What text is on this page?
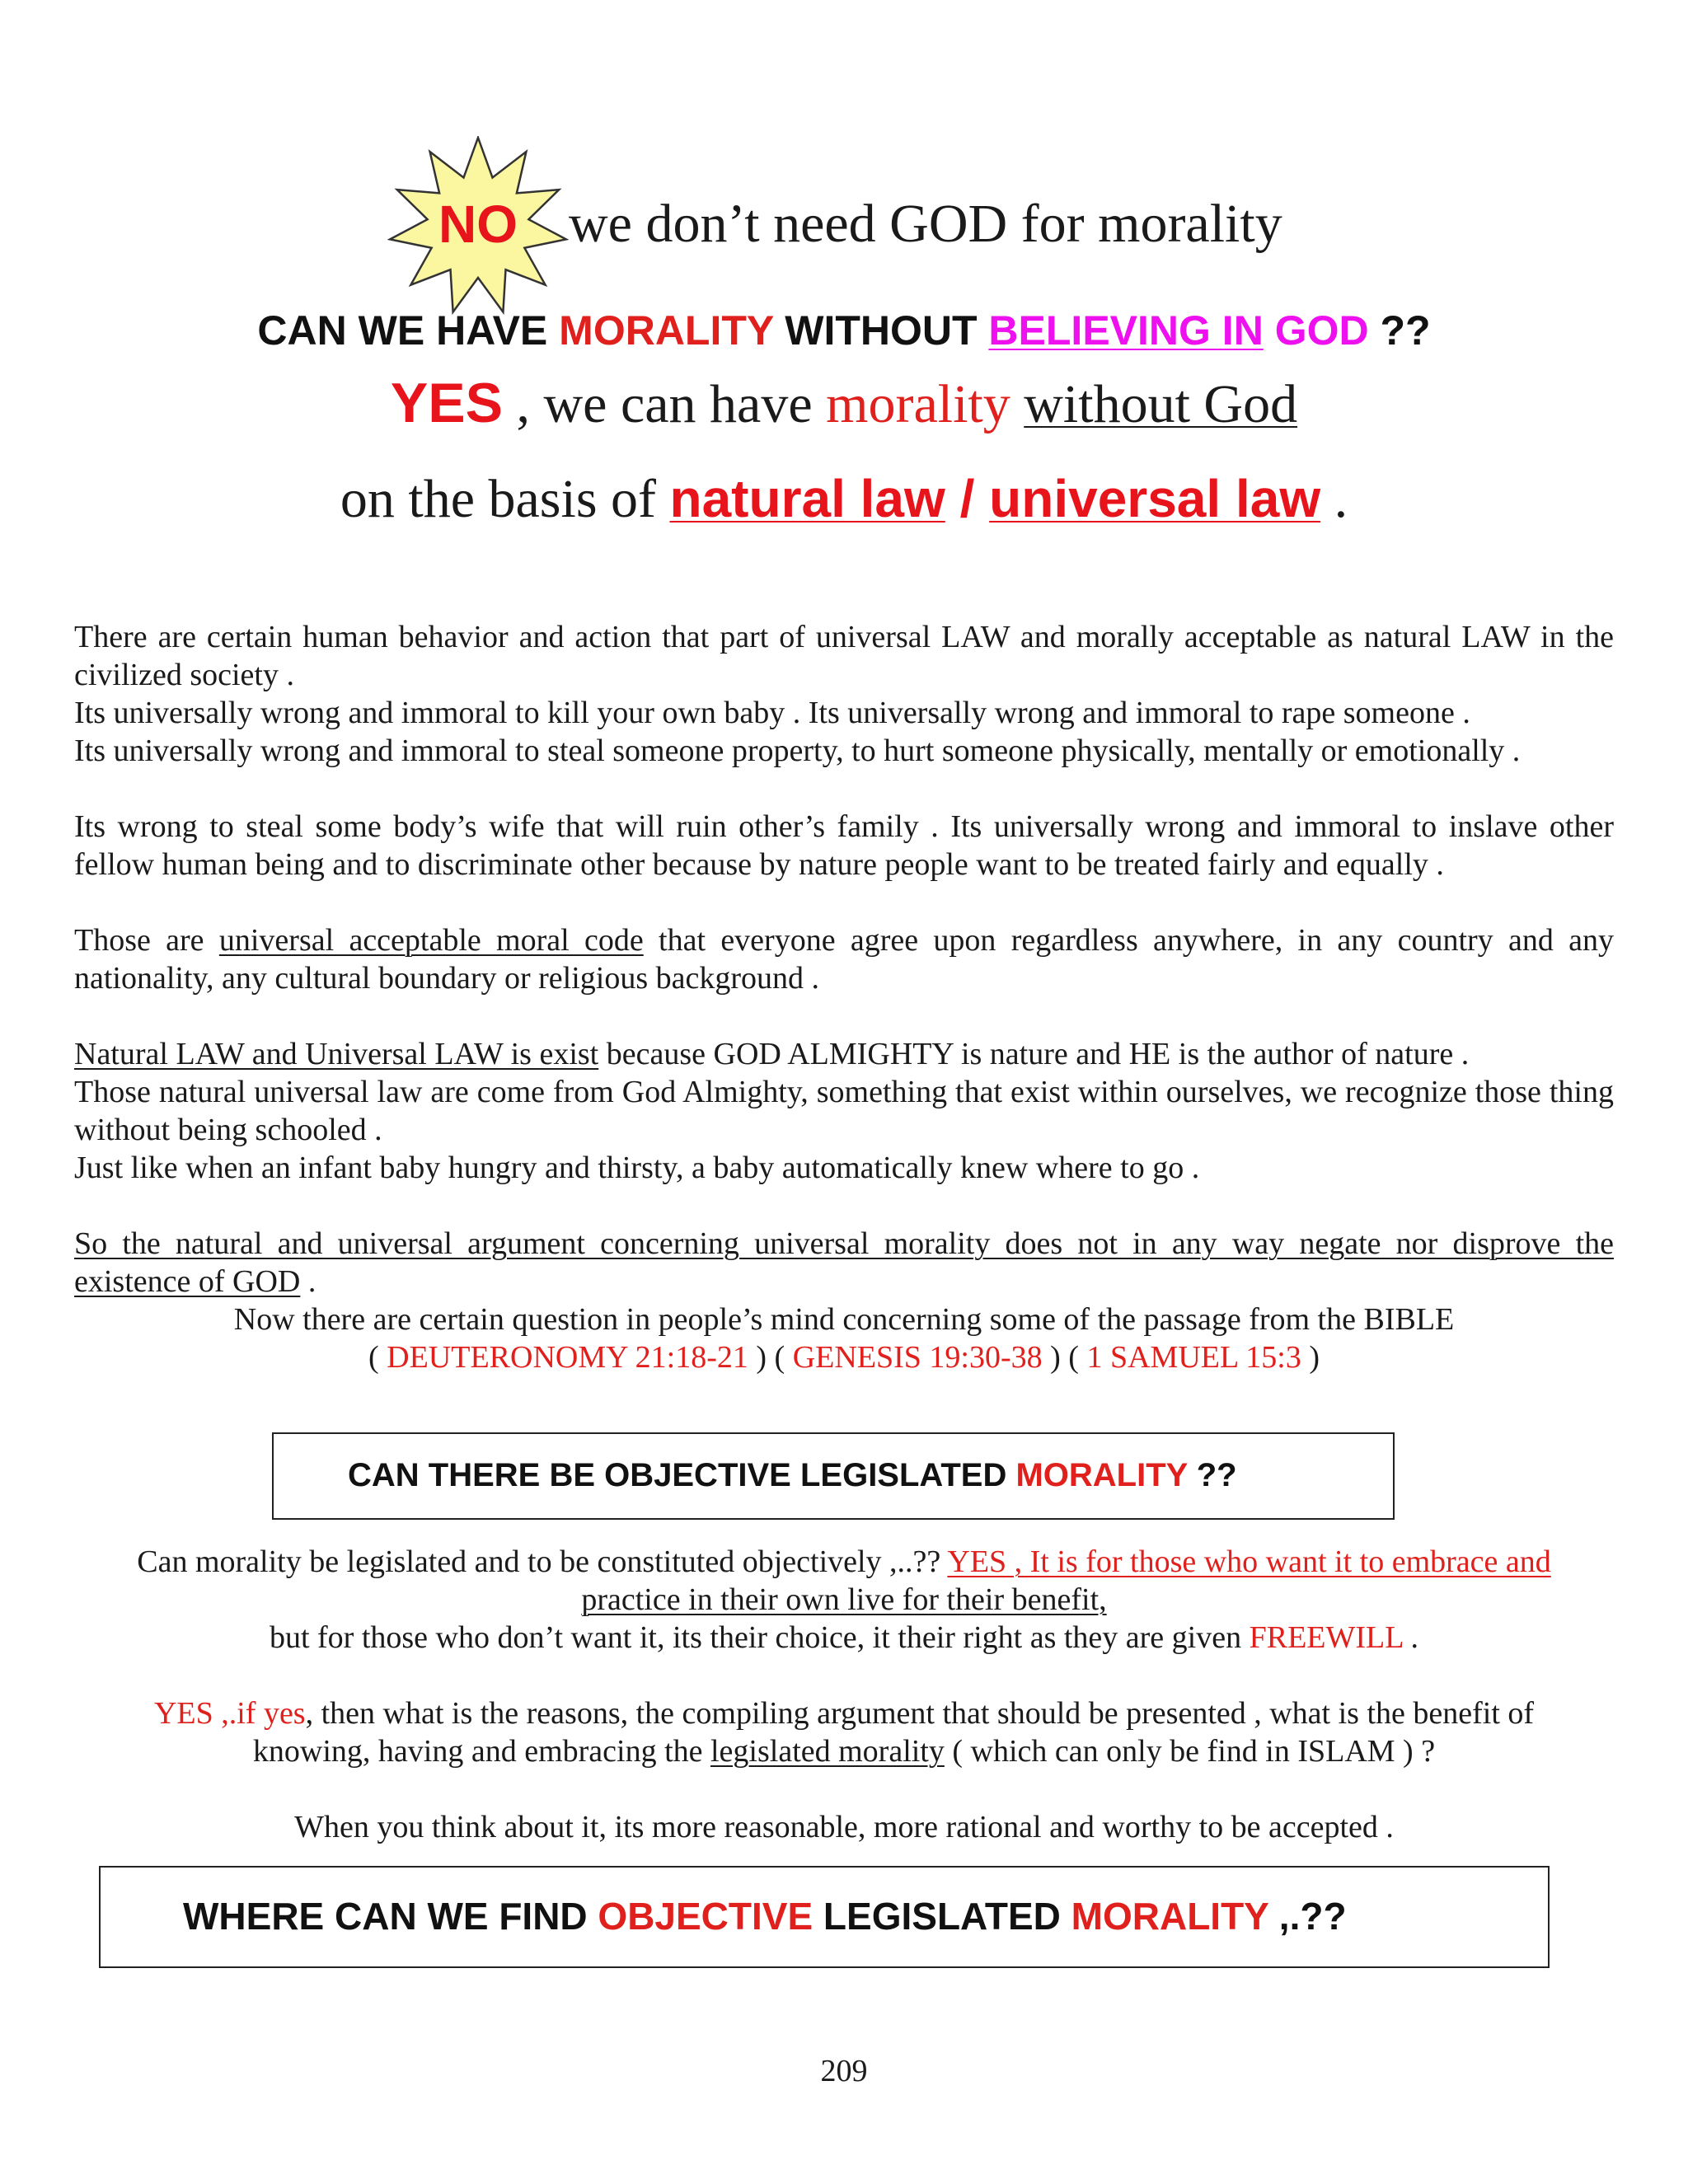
NO we don’t need GOD for morality
CAN WE HAVE MORALITY WITHOUT BELIEVING IN GOD ??
YES , we can have morality without God
on the basis of natural law / universal law .

There are certain human behavior and action that part of universal LAW and morally acceptable as natural LAW in the civilized society .

Its universally wrong and immoral to kill your own baby . Its universally wrong and immoral to rape someone .

Its universally wrong and immoral to steal someone property, to hurt someone physically, mentally or emotionally .

Its wrong to steal some body’s wife that will ruin other’s family . Its universally wrong and immoral to inslave other fellow human being and to discriminate other because by nature people want to be treated fairly and equally .

Those are universal acceptable moral code that everyone agree upon regardless anywhere, in any country and any nationality, any cultural boundary or religious background .

Natural LAW and Universal LAW is exist because GOD ALMIGHTY is nature and HE is the author of nature .

Those natural universal law are come from God Almighty, something that exist within ourselves, we recognize those thing without being schooled .

Just like when an infant baby hungry and thirsty, a baby automatically knew where to go .

So the natural and universal argument concerning universal morality does not in any way negate nor disprove the existence of GOD .

Now there are certain question in people’s mind concerning some of the passage from the BIBLE

( DEUTERONOMY 21:18-21 ) ( GENESIS 19:30-38 ) ( 1 SAMUEL 15:3 )

CAN THERE BE OBJECTIVE LEGISLATED MORALITY ??

Can morality be legislated and to be constituted objectively ,..?? YES , It is for those who want it to embrace and

practice in their own live for their benefit,

but for those who don’t want it, its their choice, it their right as they are given FREEWILL .

YES ,.if yes, then what is the reasons, the compiling argument that should be presented , what is the benefit of

knowing, having and embracing the legislated morality ( which can only be find in ISLAM ) ?

When you think about it, its more reasonable, more rational and worthy to be accepted .

WHERE CAN WE FIND OBJECTIVE LEGISLATED MORALITY ,.??
209
